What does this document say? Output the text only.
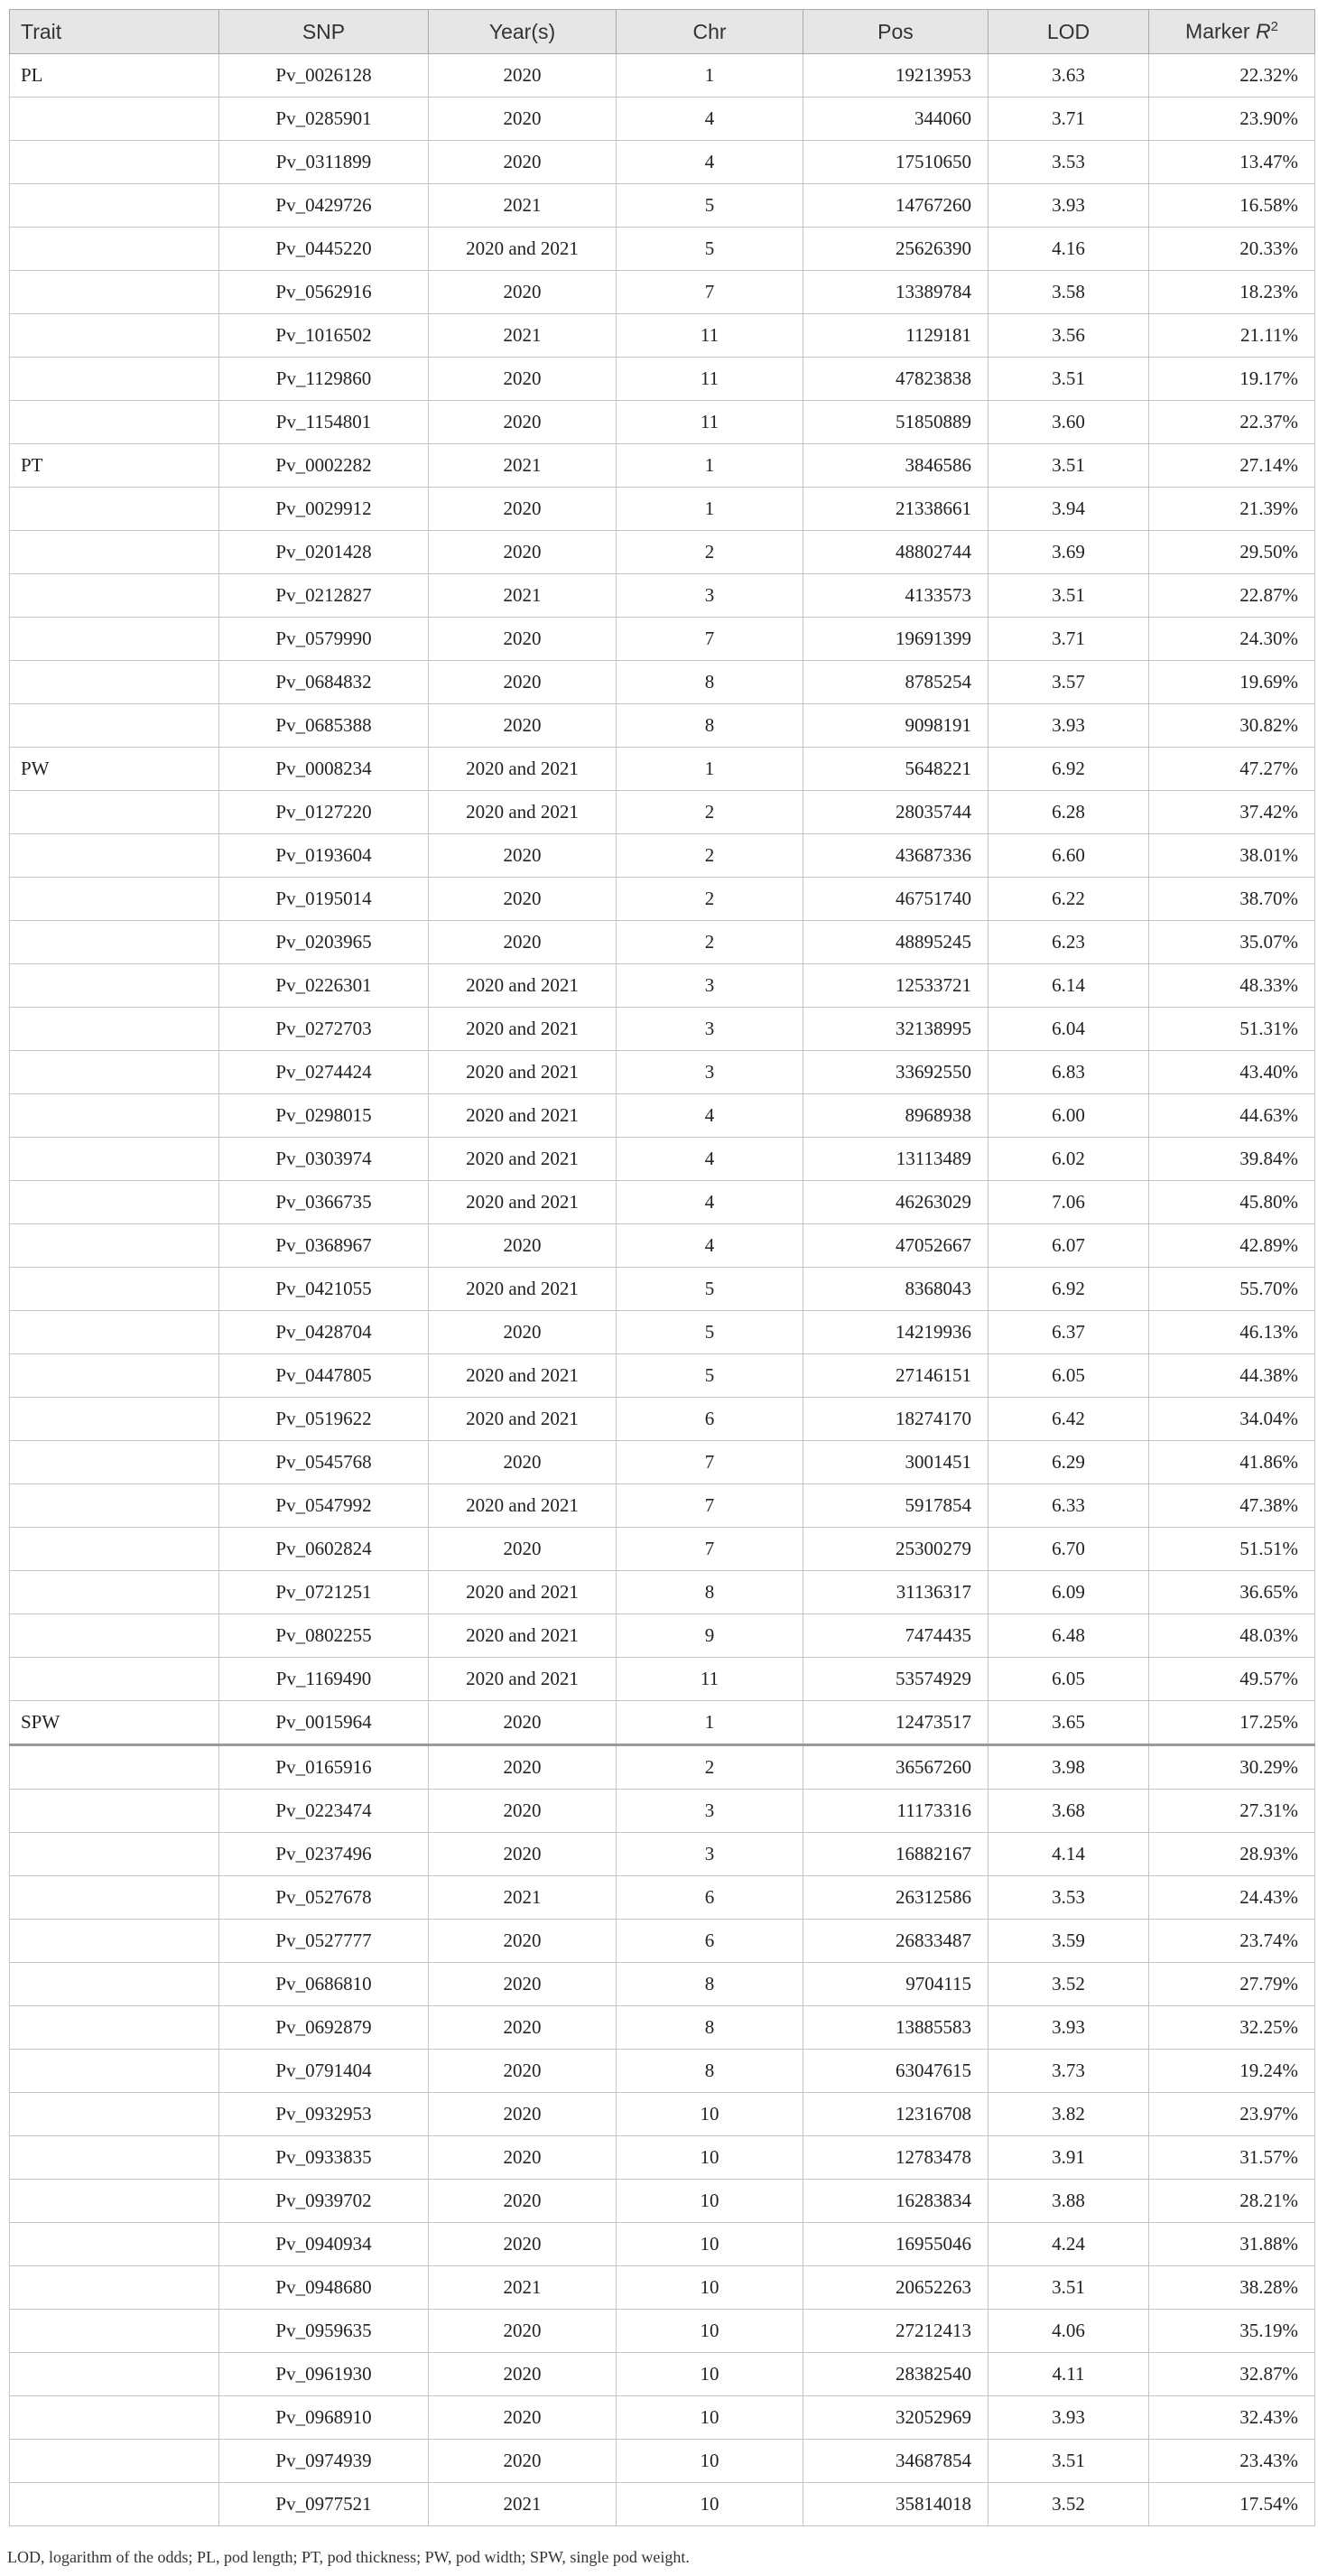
Trait	SNP	Year(s)	Chr	Pos	LOD	Marker $R^2$
PL	Pv_0026128	2020	1	19213953	3.63	22.32%
	Pv_0285901	2020	4	344060	3.71	23.90%
	Pv_0311899	2020	4	17510650	3.53	13.47%
	Pv_0429726	2021	5	14767260	3.93	16.58%
	Pv_0445220	2020 and 2021	5	25626390	4.16	20.33%
	Pv_0562916	2020	7	13389784	3.58	18.23%
	Pv_1016502	2021	11	1129181	3.56	21.11%
	Pv_1129860	2020	11	47823838	3.51	19.17%
	Pv_1154801	2020	11	51850889	3.60	22.37%
PT	Pv_0002282	2021	1	3846586	3.51	27.14%
	Pv_0029912	2020	1	21338661	3.94	21.39%
	Pv_0201428	2020	2	48802744	3.69	29.50%
	Pv_0212827	2021	3	4133573	3.51	22.87%
	Pv_0579990	2020	7	19691399	3.71	24.30%
	Pv_0684832	2020	8	8785254	3.57	19.69%
	Pv_0685388	2020	8	9098191	3.93	30.82%
PW	Pv_0008234	2020 and 2021	1	5648221	6.92	47.27%
	Pv_0127220	2020 and 2021	2	28035744	6.28	37.42%
	Pv_0193604	2020	2	43687336	6.60	38.01%
	Pv_0195014	2020	2	46751740	6.22	38.70%
	Pv_0203965	2020	2	48895245	6.23	35.07%
	Pv_0226301	2020 and 2021	3	12533721	6.14	48.33%
	Pv_0272703	2020 and 2021	3	32138995	6.04	51.31%
	Pv_0274424	2020 and 2021	3	33692550	6.83	43.40%
	Pv_0298015	2020 and 2021	4	8968938	6.00	44.63%
	Pv_0303974	2020 and 2021	4	13113489	6.02	39.84%
	Pv_0366735	2020 and 2021	4	46263029	7.06	45.80%
	Pv_0368967	2020	4	47052667	6.07	42.89%
	Pv_0421055	2020 and 2021	5	8368043	6.92	55.70%
	Pv_0428704	2020	5	14219936	6.37	46.13%
	Pv_0447805	2020 and 2021	5	27146151	6.05	44.38%
	Pv_0519622	2020 and 2021	6	18274170	6.42	34.04%
	Pv_0545768	2020	7	3001451	6.29	41.86%
	Pv_0547992	2020 and 2021	7	5917854	6.33	47.38%
	Pv_0602824	2020	7	25300279	6.70	51.51%
	Pv_0721251	2020 and 2021	8	31136317	6.09	36.65%
	Pv_0802255	2020 and 2021	9	7474435	6.48	48.03%
	Pv_1169490	2020 and 2021	11	53574929	6.05	49.57%
SPW	Pv_0015964	2020	1	12473517	3.65	17.25%
	Pv_0165916	2020	2	36567260	3.98	30.29%
	Pv_0223474	2020	3	11173316	3.68	27.31%
	Pv_0237496	2020	3	16882167	4.14	28.93%
	Pv_0527678	2021	6	26312586	3.53	24.43%
	Pv_0527777	2020	6	26833487	3.59	23.74%
	Pv_0686810	2020	8	9704115	3.52	27.79%
	Pv_0692879	2020	8	13885583	3.93	32.25%
	Pv_0791404	2020	8	63047615	3.73	19.24%
	Pv_0932953	2020	10	12316708	3.82	23.97%
	Pv_0933835	2020	10	12783478	3.91	31.57%
	Pv_0939702	2020	10	16283834	3.88	28.21%
	Pv_0940934	2020	10	16955046	4.24	31.88%
	Pv_0948680	2021	10	20652263	3.51	38.28%
	Pv_0959635	2020	10	27212413	4.06	35.19%
	Pv_0961930	2020	10	28382540	4.11	32.87%
	Pv_0968910	2020	10	32052969	3.93	32.43%
	Pv_0974939	2020	10	34687854	3.51	23.43%
	Pv_0977521	2021	10	35814018	3.52	17.54%
LOD, logarithm of the odds; PL, pod length; PT, pod thickness; PW, pod width; SPW, single pod weight.
